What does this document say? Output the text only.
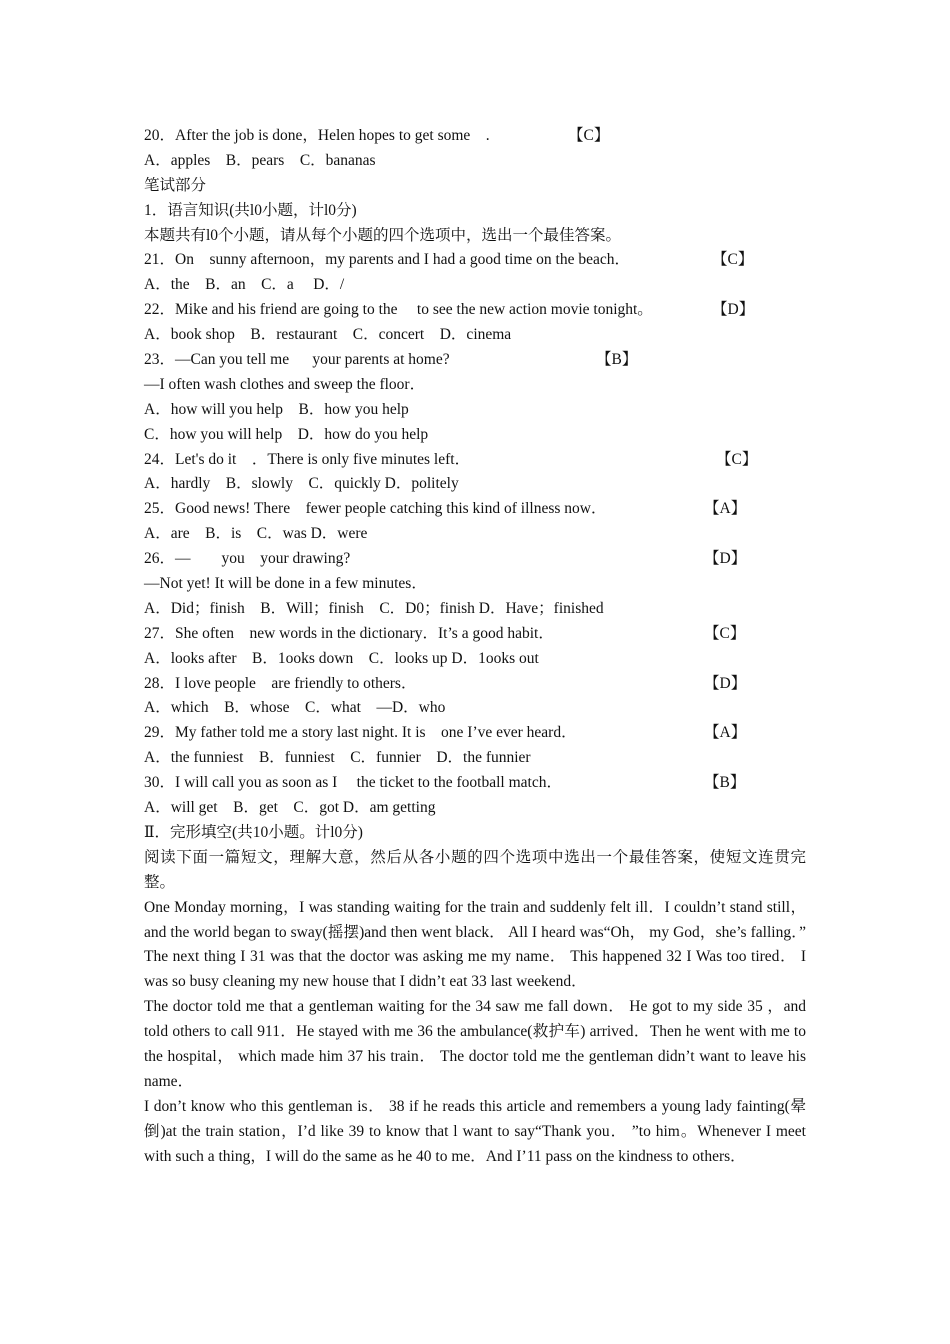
20．After the job is done，Helen hopes to get some　.	【C】
A．apples　B．pears　C．bananas
笔试部分
1．语言知识(共l0小题，计l0分)
本题共有l0个小题，请从每个小题的四个选项中，选出一个最佳答案。
21．On　sunny afternoon，my parents and I had a good time on the beach．	【C】
A．the　B．an　C．a　 D．/
22．Mike and his friend are going to the　 to see the new action movie tonight。	【D】
A．book shop　B．restaurant　C．concert　D．cinema
23．—Can you tell me　  your parents at home?	【B】
—I often wash clothes and sweep the floor．
A．how will you help　B．how you help
C．how you will help　D．how do you help
24．Let's do it　．There is only five minutes left．	【C】
A．hardly　B．slowly　C．quickly D．politely
25．Good news! There　fewer people catching this kind of illness now．	【A】
A．are　B．is　C．was D．were
26．—　　you　your drawing?	【D】
—Not yet! It will be done in a few minutes．
A．Did；finish　B．Will；finish　C．D0；finish D．Have；finished
27．She often　new words in the dictionary．It’s a good habit．	【C】
A．looks after　B．1ooks down　C．looks up D．1ooks out
28．I love people　are friendly to others．	【D】
A．which　B．whose　C．what　—D．who
29．My father told me a story last night. It is　one I’ve ever heard．	【A】
A．the funniest　B．funniest　C．funnier　D．the funnier
30．I will call you as soon as I　 the ticket to the football match．	【B】
A．will get　B．get　C．got D．am getting
Ⅱ．完形填空(共10小题。计l0分)
阅读下面一篇短文，理解大意，然后从各小题的四个选项中选出一个最佳答案，使短文连贯完整。
One Monday morning，I was standing waiting for the train and suddenly felt ill．I couldn’t stand still， and the world began to sway(摇摆)and then went black． All I heard was“Oh， my God，she’s falling．” The next thing I 31 was that the doctor was asking me my name． This happened 32 I Was too tired． I was so busy cleaning my new house that I didn’t eat 33 last weekend．
The doctor told me that a gentleman waiting for the 34 saw me fall down． He got to my side 35 ，and told others to call 911．He stayed with me 36 the ambulance(救护车) arrived．Then he went with me to the hospital， which made him 37 his train． The doctor told me the gentleman didn’t want to leave his name．
I don’t know who this gentleman is． 38 if he reads this article and remembers a young lady fainting(晕倒)at the train station，I’d like 39 to know that l want to say“Thank you． ”to him。Whenever I meet with such a thing，I will do the same as he 40 to me．And I’11 pass on the kindness to others．
